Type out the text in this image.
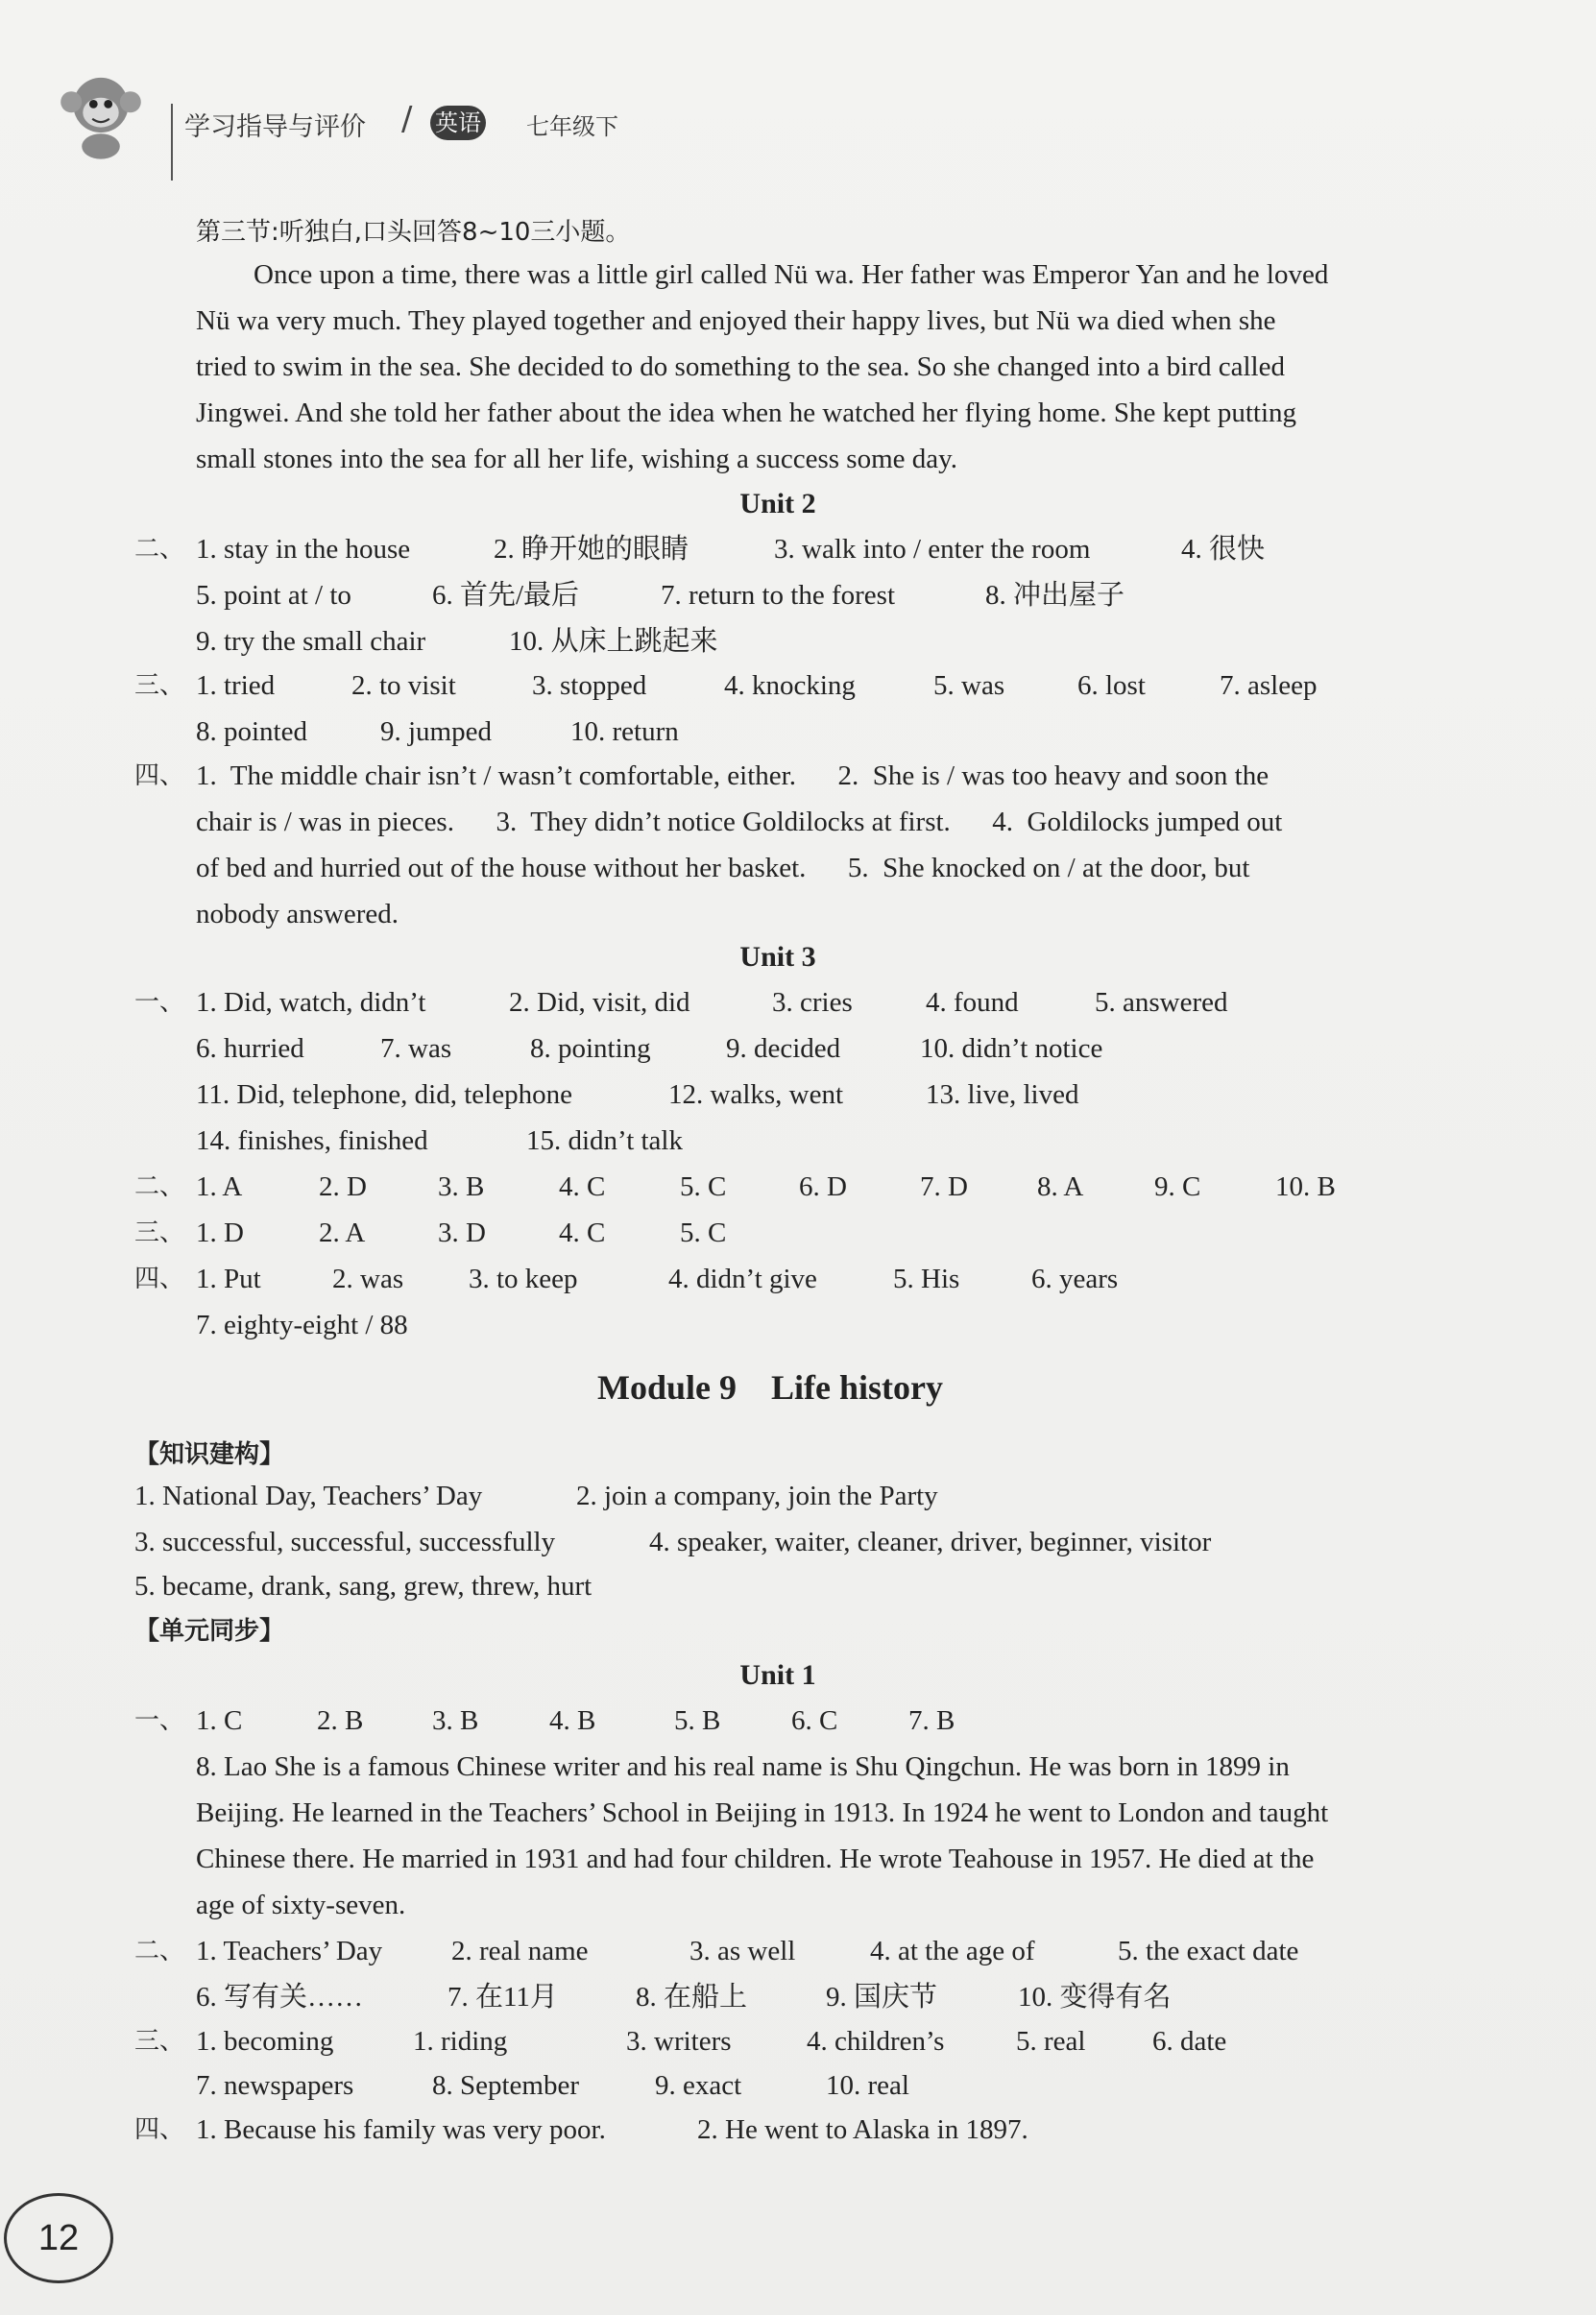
学习指导与评价 / 英语 七年级下
第三节:听独白,口头回答8~10三小题。
Once upon a time, there was a little girl called Nü wa. Her father was Emperor Yan and he loved
Nü wa very much. They played together and enjoyed their happy lives, but Nü wa died when she
tried to swim in the sea. She decided to do something to the sea. So she changed into a bird called
Jingwei. And she told her father about the idea when he watched her flying home. She kept putting
small stones into the sea for all her life, wishing a success some day.
Unit 2
二、 1. stay in the house	2. 睁开她的眼睛	3. walk into / enter the room	4. 很快
5. point at / to	6. 首先/最后	7. return to the forest	8. 冲出屋子
9. try the small chair	10. 从床上跳起来
三、 1. tried	2. to visit	3. stopped	4. knocking	5. was	6. lost	7. asleep
8. pointed	9. jumped	10. return
四、 1.  The middle chair isn’t / wasn’t comfortable, either.      2.  She is / was too heavy and soon the
chair is / was in pieces.      3.  They didn’t notice Goldilocks at first.      4.  Goldilocks jumped out
of bed and hurried out of the house without her basket.      5.  She knocked on / at the door, but
nobody answered.
Unit 3
一、 1. Did, watch, didn’t	2. Did, visit, did	3. cries	4. found	5. answered
6. hurried	7. was	8. pointing	9. decided	10. didn’t notice
11. Did, telephone, did, telephone	12. walks, went	13. live, lived
14. finishes, finished	15. didn’t talk
二、 1. A	2. D	3. B	4. C	5. C	6. D	7. D 8. A	9. C	10. B
三、 1. D	2. A	3. D	4. C	5. C
四、 1. Put	2. was 3. to keep	4. didn’t give	5. His	6. years
7. eighty-eight / 88
Module 9    Life history
【知识建构】
1. National Day, Teachers’ Day	2. join a company, join the Party
3. successful, successful, successfully	4. speaker, waiter, cleaner, driver, beginner, visitor
5. became, drank, sang, grew, threw, hurt
【单元同步】
Unit 1
一、 1. C	2. B 3. B	4. B	5. B	6. C	7. B
8. Lao She is a famous Chinese writer and his real name is Shu Qingchun. He was born in 1899 in
Beijing. He learned in the Teachers’ School in Beijing in 1913. In 1924 he went to London and taught
Chinese there. He married in 1931 and had four children. He wrote Teahouse in 1957. He died at the
age of sixty-seven.
二、 1. Teachers’ Day 2. real name	3. as well	4. at the age of	5. the exact date
6. 写有关……	7. 在11月	8. 在船上	9. 国庆节	10. 变得有名
三、 1. becoming	1. riding	3. writers	4. children’s	5. real 6. date
7. newspapers	8. September	9. exact	10. real
四、 1. Because his family was very poor.	2. He went to Alaska in 1897.
12
